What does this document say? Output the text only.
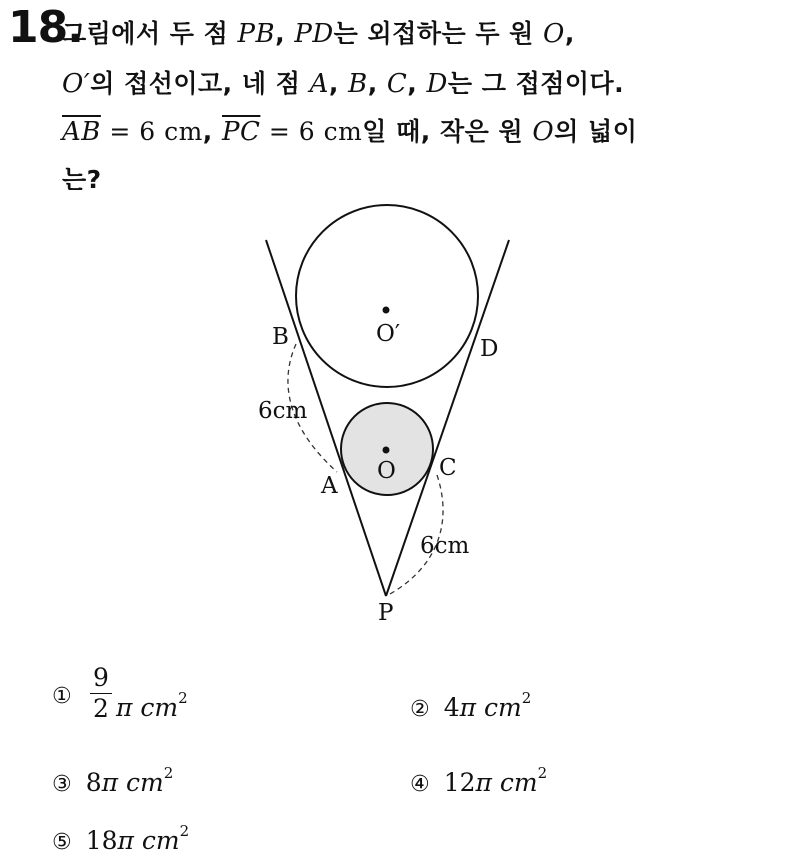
18.
그림에서 두 점 PB, PD는 외접하는 두 원 O,
O′의 접선이고, 네 점 A, B, C, D는 그 접점이다.
$\overline{AB} = 6$ cm, $\overline{PC} = 6$ cm일 때, 작은 원 O의 넓이
는?
B	D
A
C
P
O′
O
6cm
6cm
①
9
2 π $cm^2$	② 4π $cm^2$
③ 8π $cm^2$	④ 12π $cm^2$
⑤ 18π $cm^2$
